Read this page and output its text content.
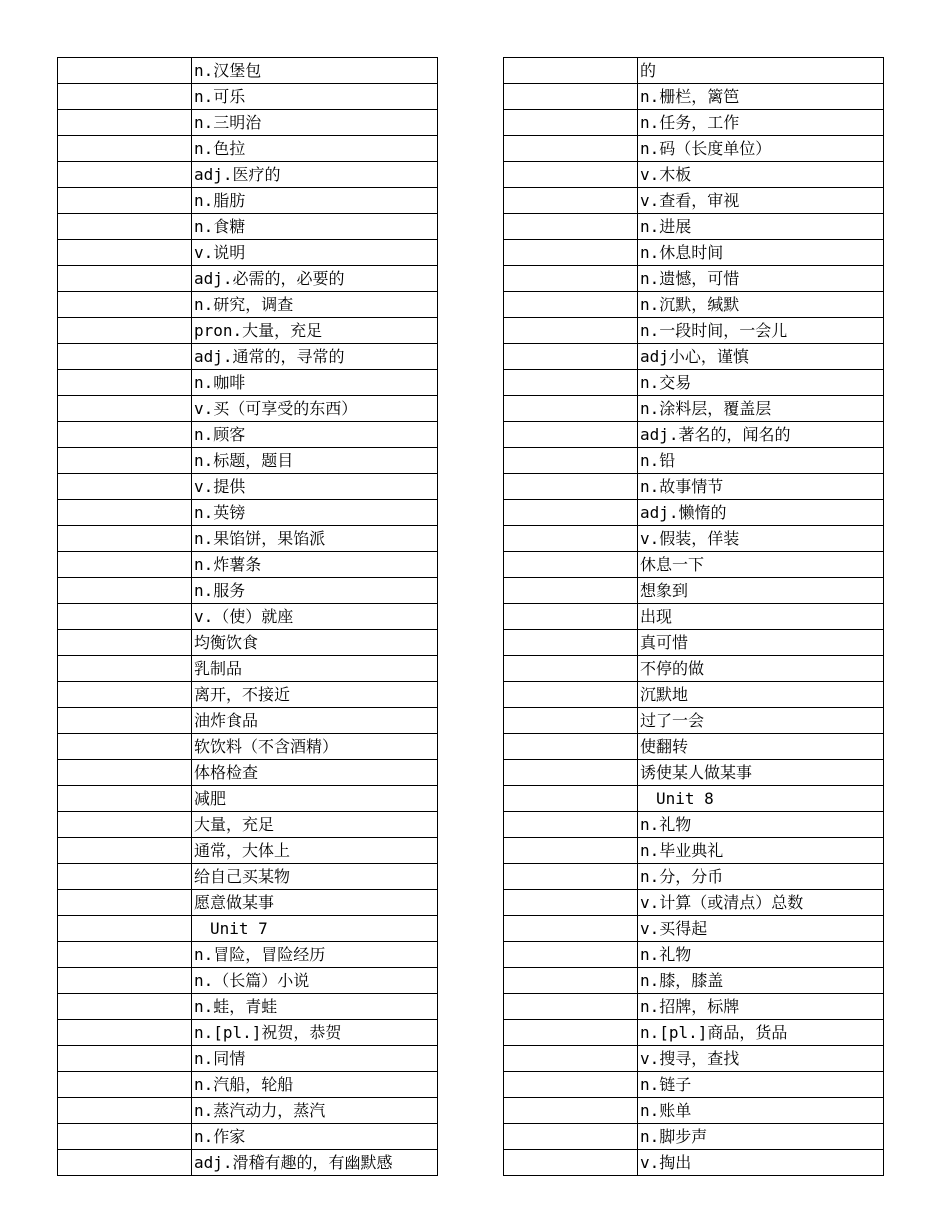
	n.汉堡包
	n.可乐
	n.三明治
	n.色拉
	adj.医疗的
	n.脂肪
	n.食糖
	v.说明
	adj.必需的，必要的
	n.研究，调查
	pron.大量，充足
	adj.通常的，寻常的
	n.咖啡
	v.买（可享受的东西）
	n.顾客
	n.标题，题目
	v.提供
	n.英镑
	n.果馅饼，果馅派
	n.炸薯条
	n.服务
	v.（使）就座
	均衡饮食
	乳制品
	离开，不接近
	油炸食品
	软饮料（不含酒精）
	体格检查
	减肥
	大量，充足
	通常，大体上
	给自己买某物
	愿意做某事
	Unit 7
	n.冒险，冒险经历
	n.（长篇）小说
	n.蛙，青蛙
	n.[pl.]祝贺，恭贺
	n.同情
	n.汽船，轮船
	n.蒸汽动力，蒸汽
	n.作家
	adj.滑稽有趣的，有幽默感
	的
	n.栅栏，篱笆
	n.任务，工作
	n.码（长度单位）
	v.木板
	v.查看，审视
	n.进展
	n.休息时间
	n.遗憾，可惜
	n.沉默，缄默
	n.一段时间，一会儿
	adj小心，谨慎
	n.交易
	n.涂料层，覆盖层
	adj.著名的，闻名的
	n.铅
	n.故事情节
	adj.懒惰的
	v.假装，佯装
	休息一下
	想象到
	出现
	真可惜
	不停的做
	沉默地
	过了一会
	使翻转
	诱使某人做某事
	Unit 8
	n.礼物
	n.毕业典礼
	n.分，分币
	v.计算（或清点）总数
	v.买得起
	n.礼物
	n.膝，膝盖
	n.招牌，标牌
	n.[pl.]商品，货品
	v.搜寻，查找
	n.链子
	n.账单
	n.脚步声
	v.掏出
